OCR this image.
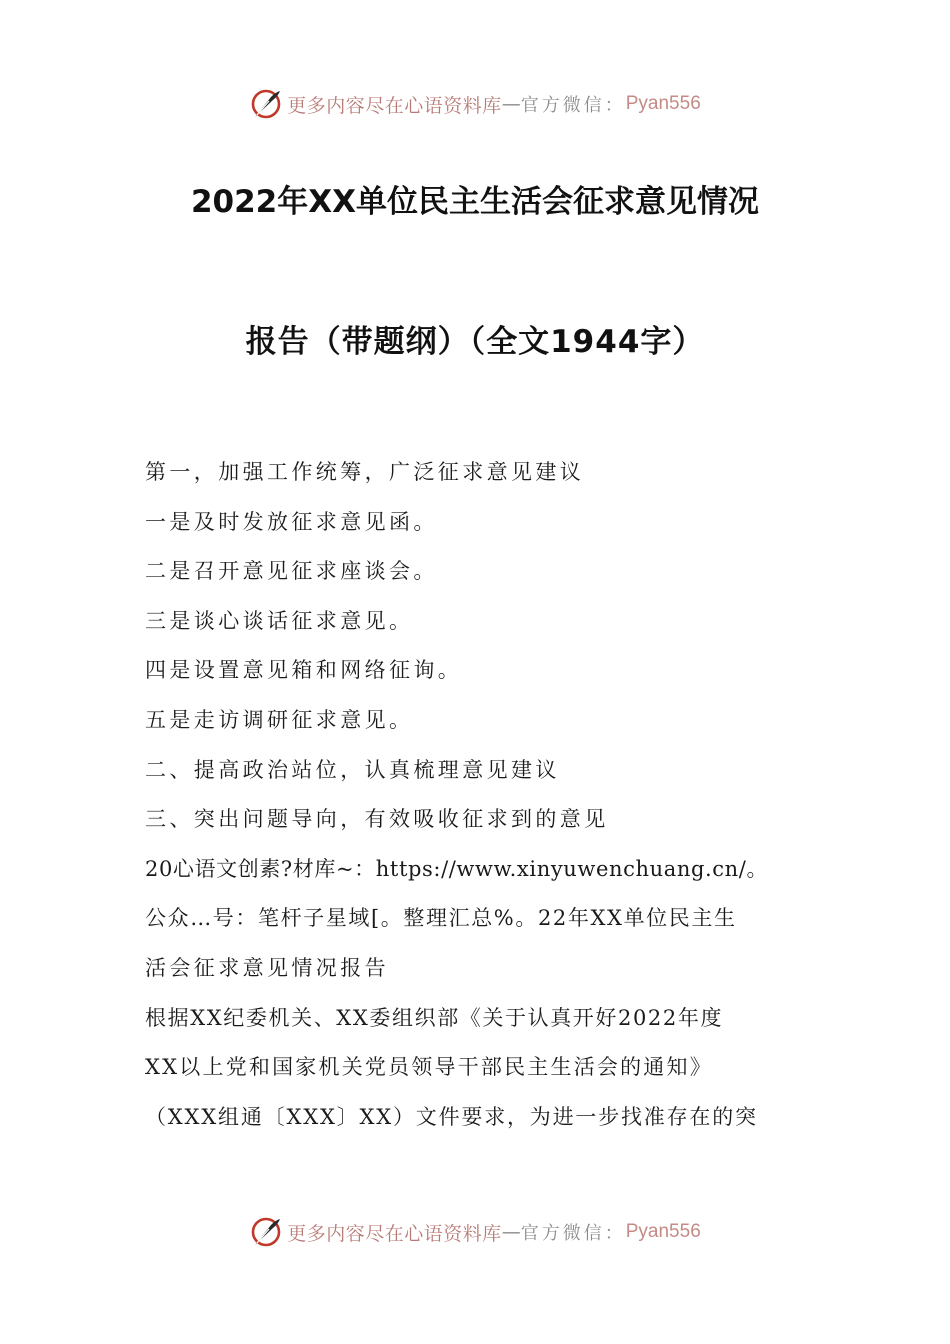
更多内容尽在心语资料库 — 官方微信： Pyan556
2022年XX单位民主生活会征求意见情况
报告（带题纲）（全文1944字）
第一，加强工作统筹，广泛征求意见建议
一是及时发放征求意见函。
二是召开意见征求座谈会。
三是谈心谈话征求意见。
四是设置意见箱和网络征询。
五是走访调研征求意见。
二、提高政治站位，认真梳理意见建议
三、突出问题导向，有效吸收征求到的意见
20心语文创素?材库~：https://www.xinyuwenchuang.cn/。
公众…号：笔杆子星域[。整理汇总%。22年XX单位民主生
活会征求意见情况报告
根据XX纪委机关、XX委组织部《关于认真开好2022年度
XX以上党和国家机关党员领导干部民主生活会的通知》
（XXX组通〔XXX〕XX）文件要求，为进一步找准存在的突
更多内容尽在心语资料库 — 官方微信： Pyan556
